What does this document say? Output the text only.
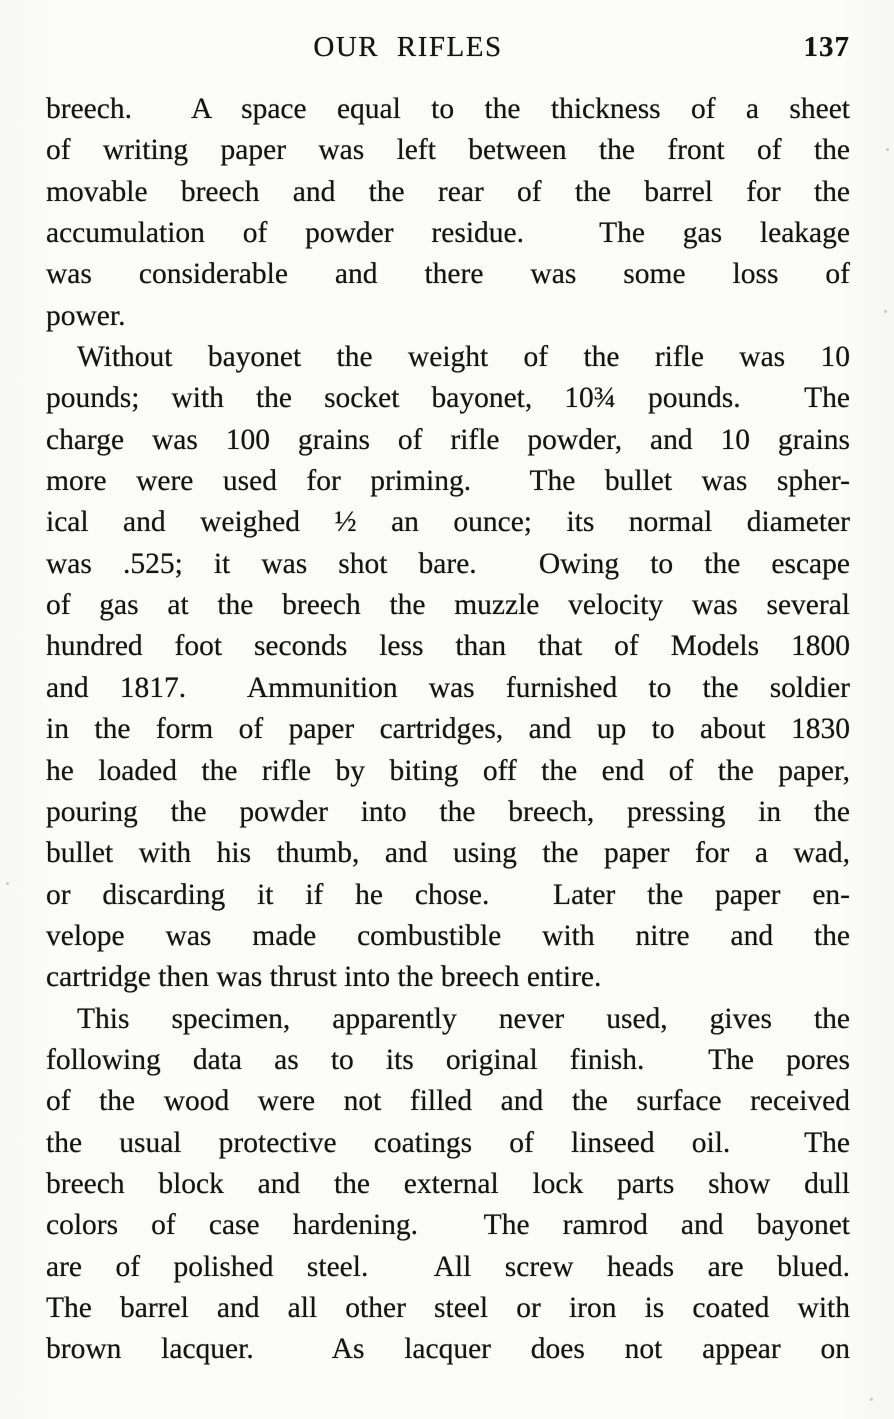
OUR RIFLES	137
breech.  A space equal to the thickness of a sheet
of writing paper was left between the front of the
movable breech and the rear of the barrel for the
accumulation of powder residue.  The gas leakage
was considerable and there was some loss of
power.
Without bayonet the weight of the rifle was 10
pounds; with the socket bayonet, 10¾ pounds.  The
charge was 100 grains of rifle powder, and 10 grains
more were used for priming.  The bullet was spher-
ical and weighed ½ an ounce; its normal diameter
was .525; it was shot bare.  Owing to the escape
of gas at the breech the muzzle velocity was several
hundred foot seconds less than that of Models 1800
and 1817.  Ammunition was furnished to the soldier
in the form of paper cartridges, and up to about 1830
he loaded the rifle by biting off the end of the paper,
pouring the powder into the breech, pressing in the
bullet with his thumb, and using the paper for a wad,
or discarding it if he chose.  Later the paper en-
velope was made combustible with nitre and the
cartridge then was thrust into the breech entire.
This specimen, apparently never used, gives the
following data as to its original finish.  The pores
of the wood were not filled and the surface received
the usual protective coatings of linseed oil.  The
breech block and the external lock parts show dull
colors of case hardening.  The ramrod and bayonet
are of polished steel.  All screw heads are blued.
The barrel and all other steel or iron is coated with
brown lacquer.  As lacquer does not appear on
